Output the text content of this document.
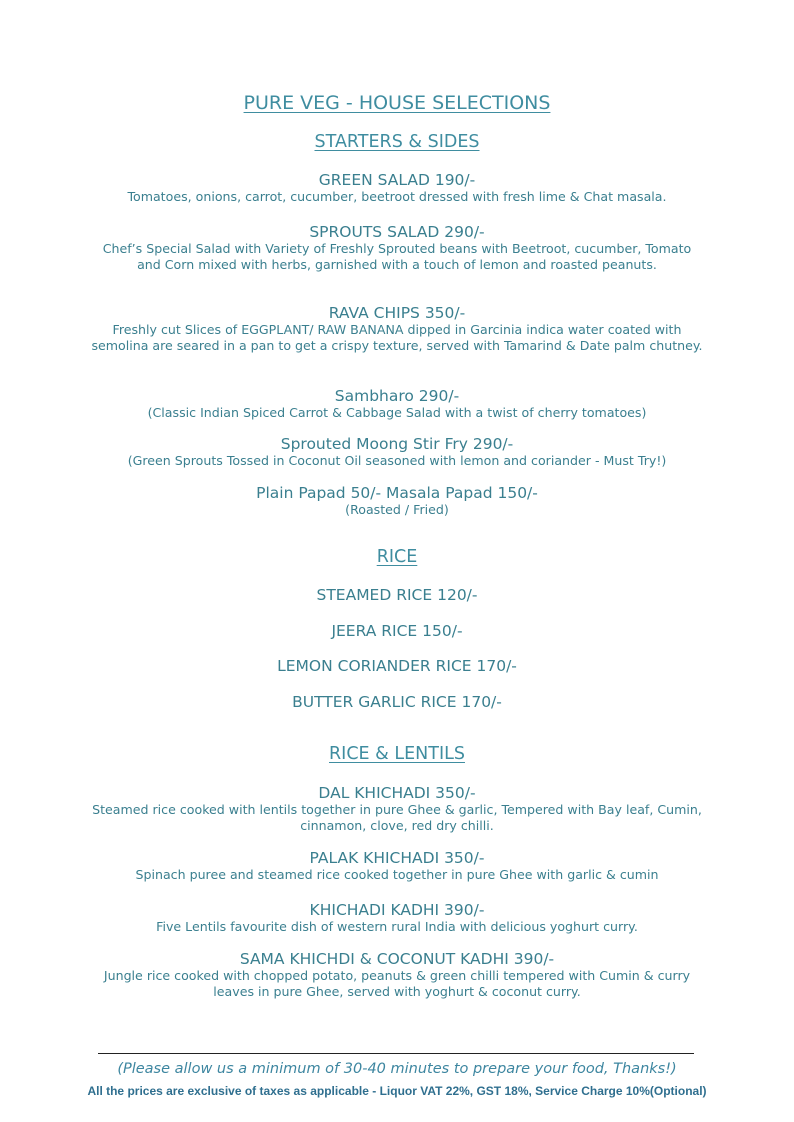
PURE VEG - HOUSE SELECTIONS
STARTERS & SIDES
GREEN SALAD 190/-
Tomatoes, onions, carrot, cucumber, beetroot dressed with fresh lime & Chat masala.
SPROUTS SALAD 290/-
Chef’s Special Salad with Variety of Freshly Sprouted beans with Beetroot, cucumber, Tomato and Corn mixed with herbs, garnished with a touch of lemon and roasted peanuts.
RAVA CHIPS 350/-
Freshly cut Slices of EGGPLANT/ RAW BANANA dipped in Garcinia indica water coated with semolina are seared in a pan to get a crispy texture, served with Tamarind & Date palm chutney.
Sambharo 290/-
(Classic Indian Spiced Carrot & Cabbage Salad with a twist of cherry tomatoes)
Sprouted Moong Stir Fry 290/-
(Green Sprouts Tossed in Coconut Oil seasoned with lemon and coriander - Must Try!)
Plain Papad 50/- Masala Papad 150/-
(Roasted / Fried)
RICE
STEAMED RICE 120/-
JEERA RICE 150/-
LEMON CORIANDER RICE 170/-
BUTTER GARLIC RICE 170/-
RICE & LENTILS
DAL KHICHADI 350/-
Steamed rice cooked with lentils together in pure Ghee & garlic, Tempered with Bay leaf, Cumin, cinnamon, clove, red dry chilli.
PALAK KHICHADI 350/-
Spinach puree and steamed rice cooked together in pure Ghee with garlic & cumin
KHICHADI KADHI 390/-
Five Lentils favourite dish of western rural India with delicious yoghurt curry.
SAMA KHICHDI & COCONUT KADHI 390/-
Jungle rice cooked with chopped potato, peanuts & green chilli tempered with Cumin & curry leaves in pure Ghee, served with yoghurt & coconut curry.
(Please allow us a minimum of 30-40 minutes to prepare your food, Thanks!)
All the prices are exclusive of taxes as applicable - Liquor VAT 22%, GST 18%, Service Charge 10%(Optional)
